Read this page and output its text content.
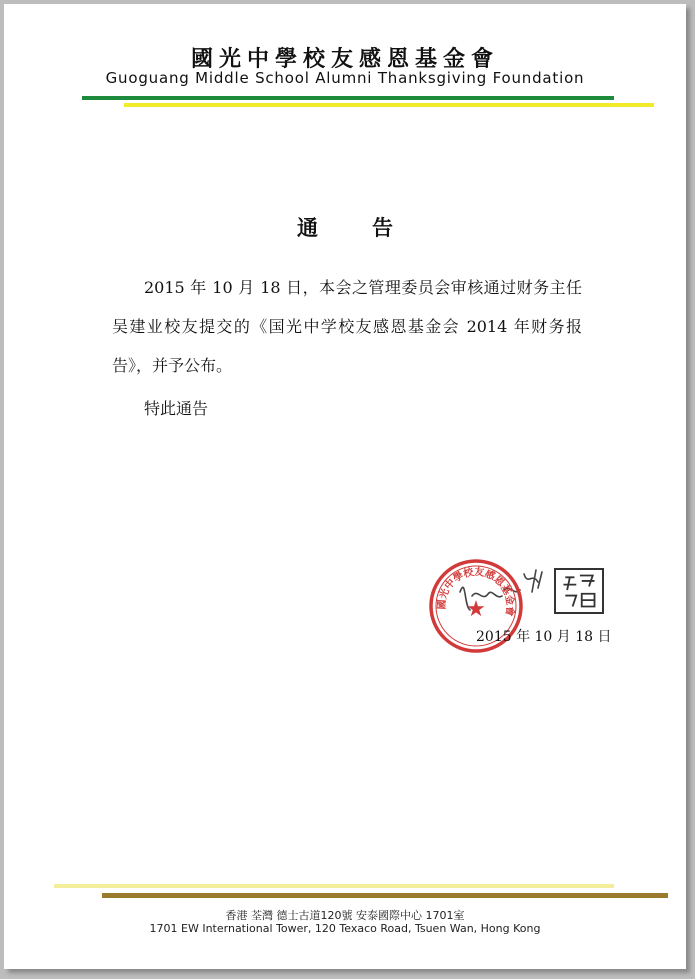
國光中學校友感恩基金會
Guoguang Middle School Alumni Thanksgiving Foundation
通告
2015 年 10 月 18 日，本会之管理委员会审核通过财务主任吴建业校友提交的《国光中学校友感恩基金会 2014 年财务报告》，并予公布。
特此通告
國光中學校友感恩基金會
★
2015 年 10 月 18 日
香港 荃灣 德士古道120號 安泰國際中心 1701室
1701 EW International Tower, 120 Texaco Road, Tsuen Wan, Hong Kong
